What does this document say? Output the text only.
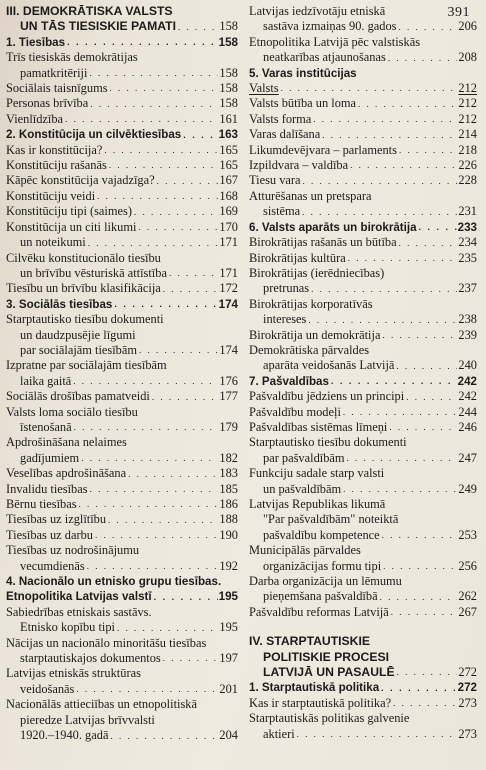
391
III. DEMOKRĀTISKA VALSTS
UN TĀS TIESISKIE PAMATI . . .	158
1. Tiesības . . .	158
Trīs tiesiskās demokrātijas
pamatkritēriji . . .	158
Sociālais taisnīgums . . .	158
Personas brīvība . . .	158
Vienlīdzība . . .	161
2. Konstitūcija un cilvēktiesības . . .	163
Kas ir konstitūcija? . . .	165
Konstitūciju rašanās . . .	165
Kāpēc konstitūcija vajadzīga? . . .	167
Konstitūciju veidi . . .	168
Konstitūciju tipi (saimes) . . .	169
Konstitūcija un citi likumi . . .	170
un noteikumi . . .	171
Cilvēku konstitucionālo tiesību
un brīvību vēsturiskā attīstība . . .	171
Tiesību un brīvību klasifikācija . . .	172
3. Sociālās tiesības . . .	174
Starptautisko tiesību dokumenti
un daudzpusējie līgumi
par sociālajām tiesībām . . .	174
Izpratne par sociālajām tiesībām
laika gaitā . . .	176
Sociālās drošības pamatveidi . . .	177
Valsts loma sociālo tiesību
īstenošanā . . .	179
Apdrošināšana nelaimes
gadījumiem . . .	182
Veselības apdrošināšana . . .	183
Invalidu tiesības . . .	185
Bērnu tiesības . . .	186
Tiesības uz izglītību . . .	188
Tiesības uz darbu . . .	190
Tiesības uz nodrošinājumu
vecumdienās . . .	192
4. Nacionālo un etnisko grupu tiesības.
Etnopolitika Latvijas valstī . . .	195
Sabiedrības etniskais sastāvs.
Etnisko kopību tipi . . .	195
Nācijas un nacionālo minoritāšu tiesības
starptautiskajos dokumentos . . .	197
Latvijas etniskās struktūras
veidošanās . . .	201
Nacionālās attieciības un etnopolitiskā
pieredze Latvijas brīvvalsti
1920.–1940. gadā . . .	204
Latvijas iedzīvotāju etniskā
sastāva izmaiņas 90. gados . . .	206
Etnopolitika Latvijā pēc valstiskās
neatkarības atjaunošanas . . .	208
5. Varas institūcijas
Valsts . . .	212
Valsts būtība un loma . . .	212
Valsts forma . . .	212
Varas dalīšana . . .	214
Likumdevējvara – parlaments . . .	218
Izpildvara – valdība . . .	226
Tiesu vara . . .	228
Atturēšanas un pretspara
sistēma . . .	231
6. Valsts aparāts un birokrātija . . .	233
Birokrātijas rašanās un būtība . . .	234
Birokrātijas kultūra . . .	235
Birokrātijas (ierēdniecības)
pretrunas . . .	237
Birokrātijas korporatīvās
intereses . . .	238
Birokrātija un demokrātija . . .	239
Demokrātiska pārvaldes
aparāta veidošanās Latvijā . . .	240
7. Pašvaldības . . .	242
Pašvaldību jēdziens un principi . . .	242
Pašvaldību modeļi . . .	244
Pašvaldības sistēmas līmeņi . . .	246
Starptautisko tiesību dokumenti
par pašvaldībām . . .	247
Funkciju sadale starp valsti
un pašvaldībām . . .	249
Latvijas Republikas likumā
"Par pašvaldībām" noteiktā
pašvaldību kompetence . . .	253
Municipālās pārvaldes
organizācijas formu tipi . . .	256
Darba organizācija un lēmumu
pieņemšana pašvaldībā . . .	262
Pašvaldību reformas Latvijā . . .	267
IV. STARPTAUTISKIE
POLITISKIE PROCESI
LATVIJĀ UN PASAULĒ . . .	272
1. Starptautiskā politika . . .	272
Kas ir starptautiskā politika? . . .	273
Starptautiskās politikas galvenie
aktieri . . .	273
